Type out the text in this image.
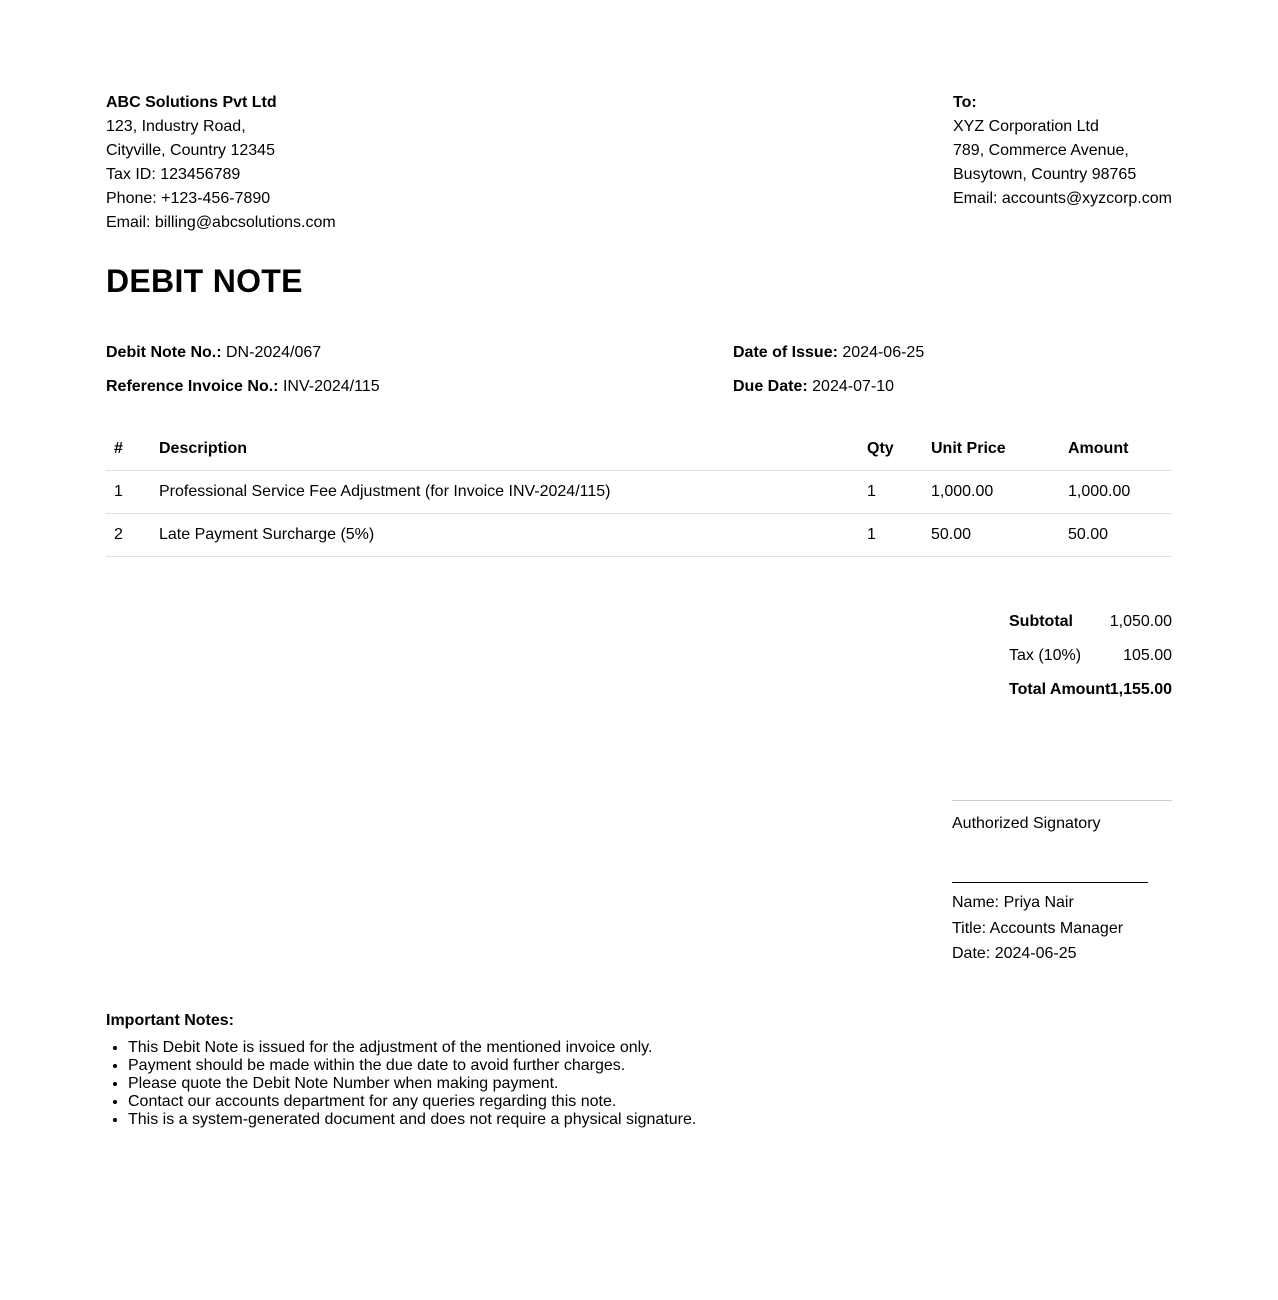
ABC Solutions Pvt Ltd
123, Industry Road,
Cityville, Country 12345
Tax ID: 123456789
Phone: +123-456-7890
Email: billing@abcsolutions.com
To:
XYZ Corporation Ltd
789, Commerce Avenue,
Busytown, Country 98765
Email: accounts@xyzcorp.com
DEBIT NOTE
Debit Note No.: DN-2024/067	Date of Issue: 2024-06-25
Reference Invoice No.: INV-2024/115	Due Date: 2024-07-10
#	Description	Qty	Unit Price	Amount
1	Professional Service Fee Adjustment (for Invoice INV-2024/115)	1	1,000.00	1,000.00
2	Late Payment Surcharge (5%)	1	50.00	50.00
Subtotal 1,050.00
Tax (10%)	105.00
Total Amount 1,155.00
Authorized Signatory
Name: Priya Nair
Title: Accounts Manager
Date: 2024-06-25
Important Notes:
• This Debit Note is issued for the adjustment of the mentioned invoice only.
• Payment should be made within the due date to avoid further charges.
• Please quote the Debit Note Number when making payment.
• Contact our accounts department for any queries regarding this note.
• This is a system-generated document and does not require a physical signature.
